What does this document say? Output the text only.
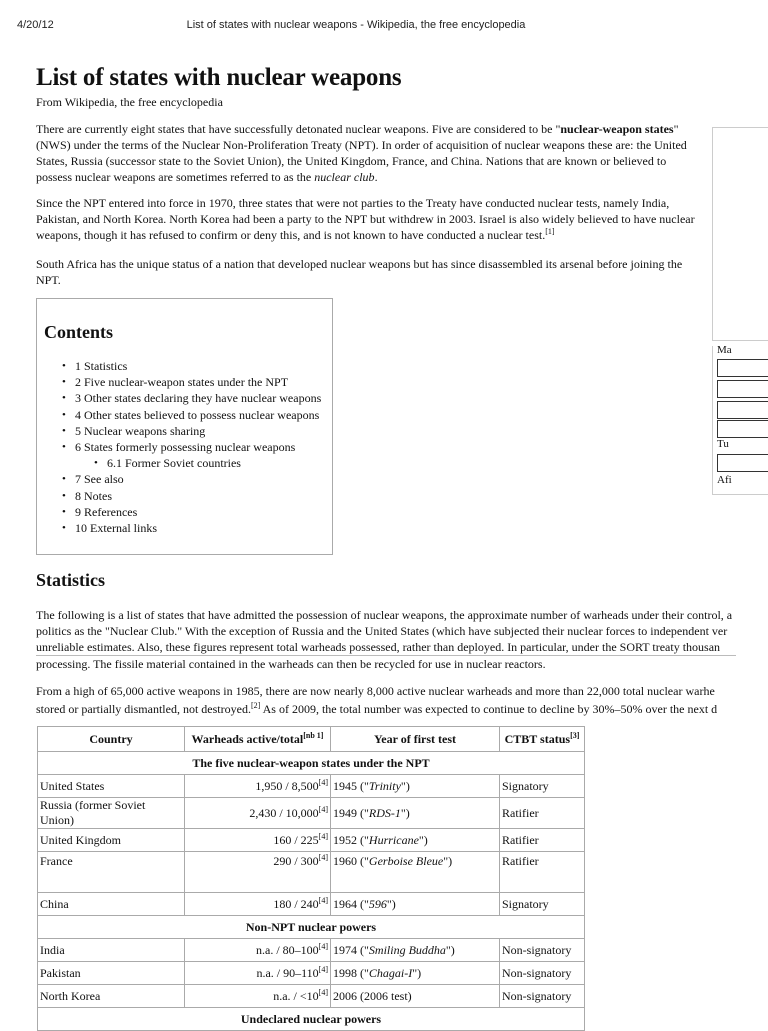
4/20/12	List of states with nuclear weapons - Wikipedia, the free encyclopedia
List of states with nuclear weapons
From Wikipedia, the free encyclopedia

There are currently eight states that have successfully detonated nuclear weapons. Five are considered to be "nuclear-weapon states" (NWS) under the terms of the Nuclear Non-Proliferation Treaty (NPT). In order of acquisition of nuclear weapons these are: the United States, Russia (successor state to the Soviet Union), the United Kingdom, France, and China. Nations that are known or believed to possess nuclear weapons are sometimes referred to as the nuclear club.

Since the NPT entered into force in 1970, three states that were not parties to the Treaty have conducted nuclear tests, namely India, Pakistan, and North Korea. North Korea had been a party to the NPT but withdrew in 2003. Israel is also widely believed to have nuclear weapons, though it has refused to confirm or deny this, and is not known to have conducted a nuclear test.[1]

South Africa has the unique status of a nation that developed nuclear weapons but has since disassembled its arsenal before joining the NPT.

Contents
• 1 Statistics
• 2 Five nuclear-weapon states under the NPT
• 3 Other states declaring they have nuclear weapons
• 4 Other states believed to possess nuclear weapons
• 5 Nuclear weapons sharing
• 6 States formerly possessing nuclear weapons
• 6.1 Former Soviet countries
• 7 See also
• 8 Notes
• 9 References
• 10 External links
Statistics
The following is a list of states that have admitted the possession of nuclear weapons, the approximate number of warheads under their control, a
politics as the "Nuclear Club." With the exception of Russia and the United States (which have subjected their nuclear forces to independent ver
unreliable estimates. Also, these figures represent total warheads possessed, rather than deployed. In particular, under the SORT treaty thousan
processing. The fissile material contained in the warheads can then be recycled for use in nuclear reactors.
From a high of 65,000 active weapons in 1985, there are now nearly 8,000 active nuclear warheads and more than 22,000 total nuclear warhe
stored or partially dismantled, not destroyed.[2] As of 2009, the total number was expected to continue to decline by 30%–50% over the next d
Country	Warheads active/total[nb 1]	Year of first test	CTBT status[3]
The five nuclear-weapon states under the NPT			
United States	1,950 / 8,500[4]	1945 ("Trinity")	Signatory
Russia (former Soviet Union)	2,430 / 10,000[4]	1949 ("RDS-1")	Ratifier
United Kingdom	160 / 225[4]	1952 ("Hurricane")	Ratifier
France	290 / 300[4]	1960 ("Gerboise Bleue")	Ratifier
China	180 / 240[4]	1964 ("596")	Signatory
Non-NPT nuclear powers			
India	n.a. / 80–100[4]	1974 ("Smiling Buddha")	Non-signatory
Pakistan	n.a. / 90–110[4]	1998 ("Chagai-I")	Non-signatory
North Korea	n.a. / <10[4]	2006 (2006 test)	Non-signatory
Undeclared nuclear powers			
Ma
Tu
Afi
